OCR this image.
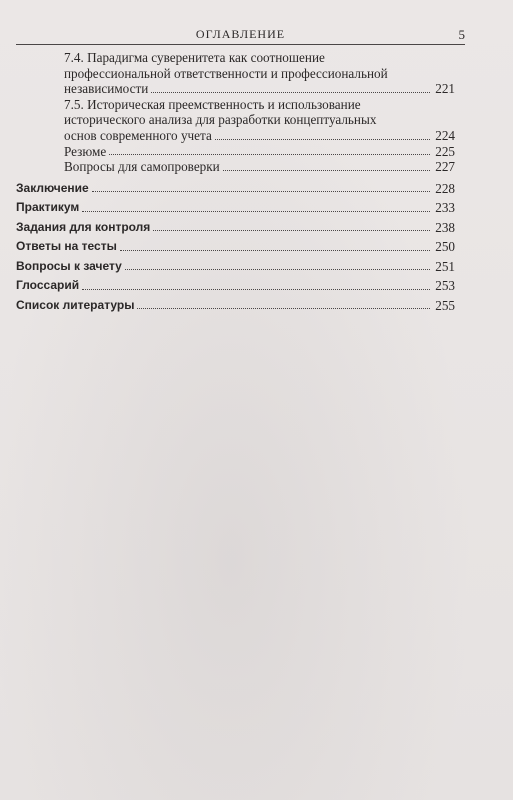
ОГЛАВЛЕНИЕ	5
7.4. Парадигма суверенитета как соотношение
профессиональной ответственности и профессиональной
независимости	221
7.5. Историческая преемственность и использование
исторического анализа для разработки концептуальных
основ современного учета	224
Резюме	225
Вопросы для самопроверки	227
Заключение	228
Практикум	233
Задания для контроля	238
Ответы на тесты	250
Вопросы к зачету	251
Глоссарий	253
Список литературы	255
